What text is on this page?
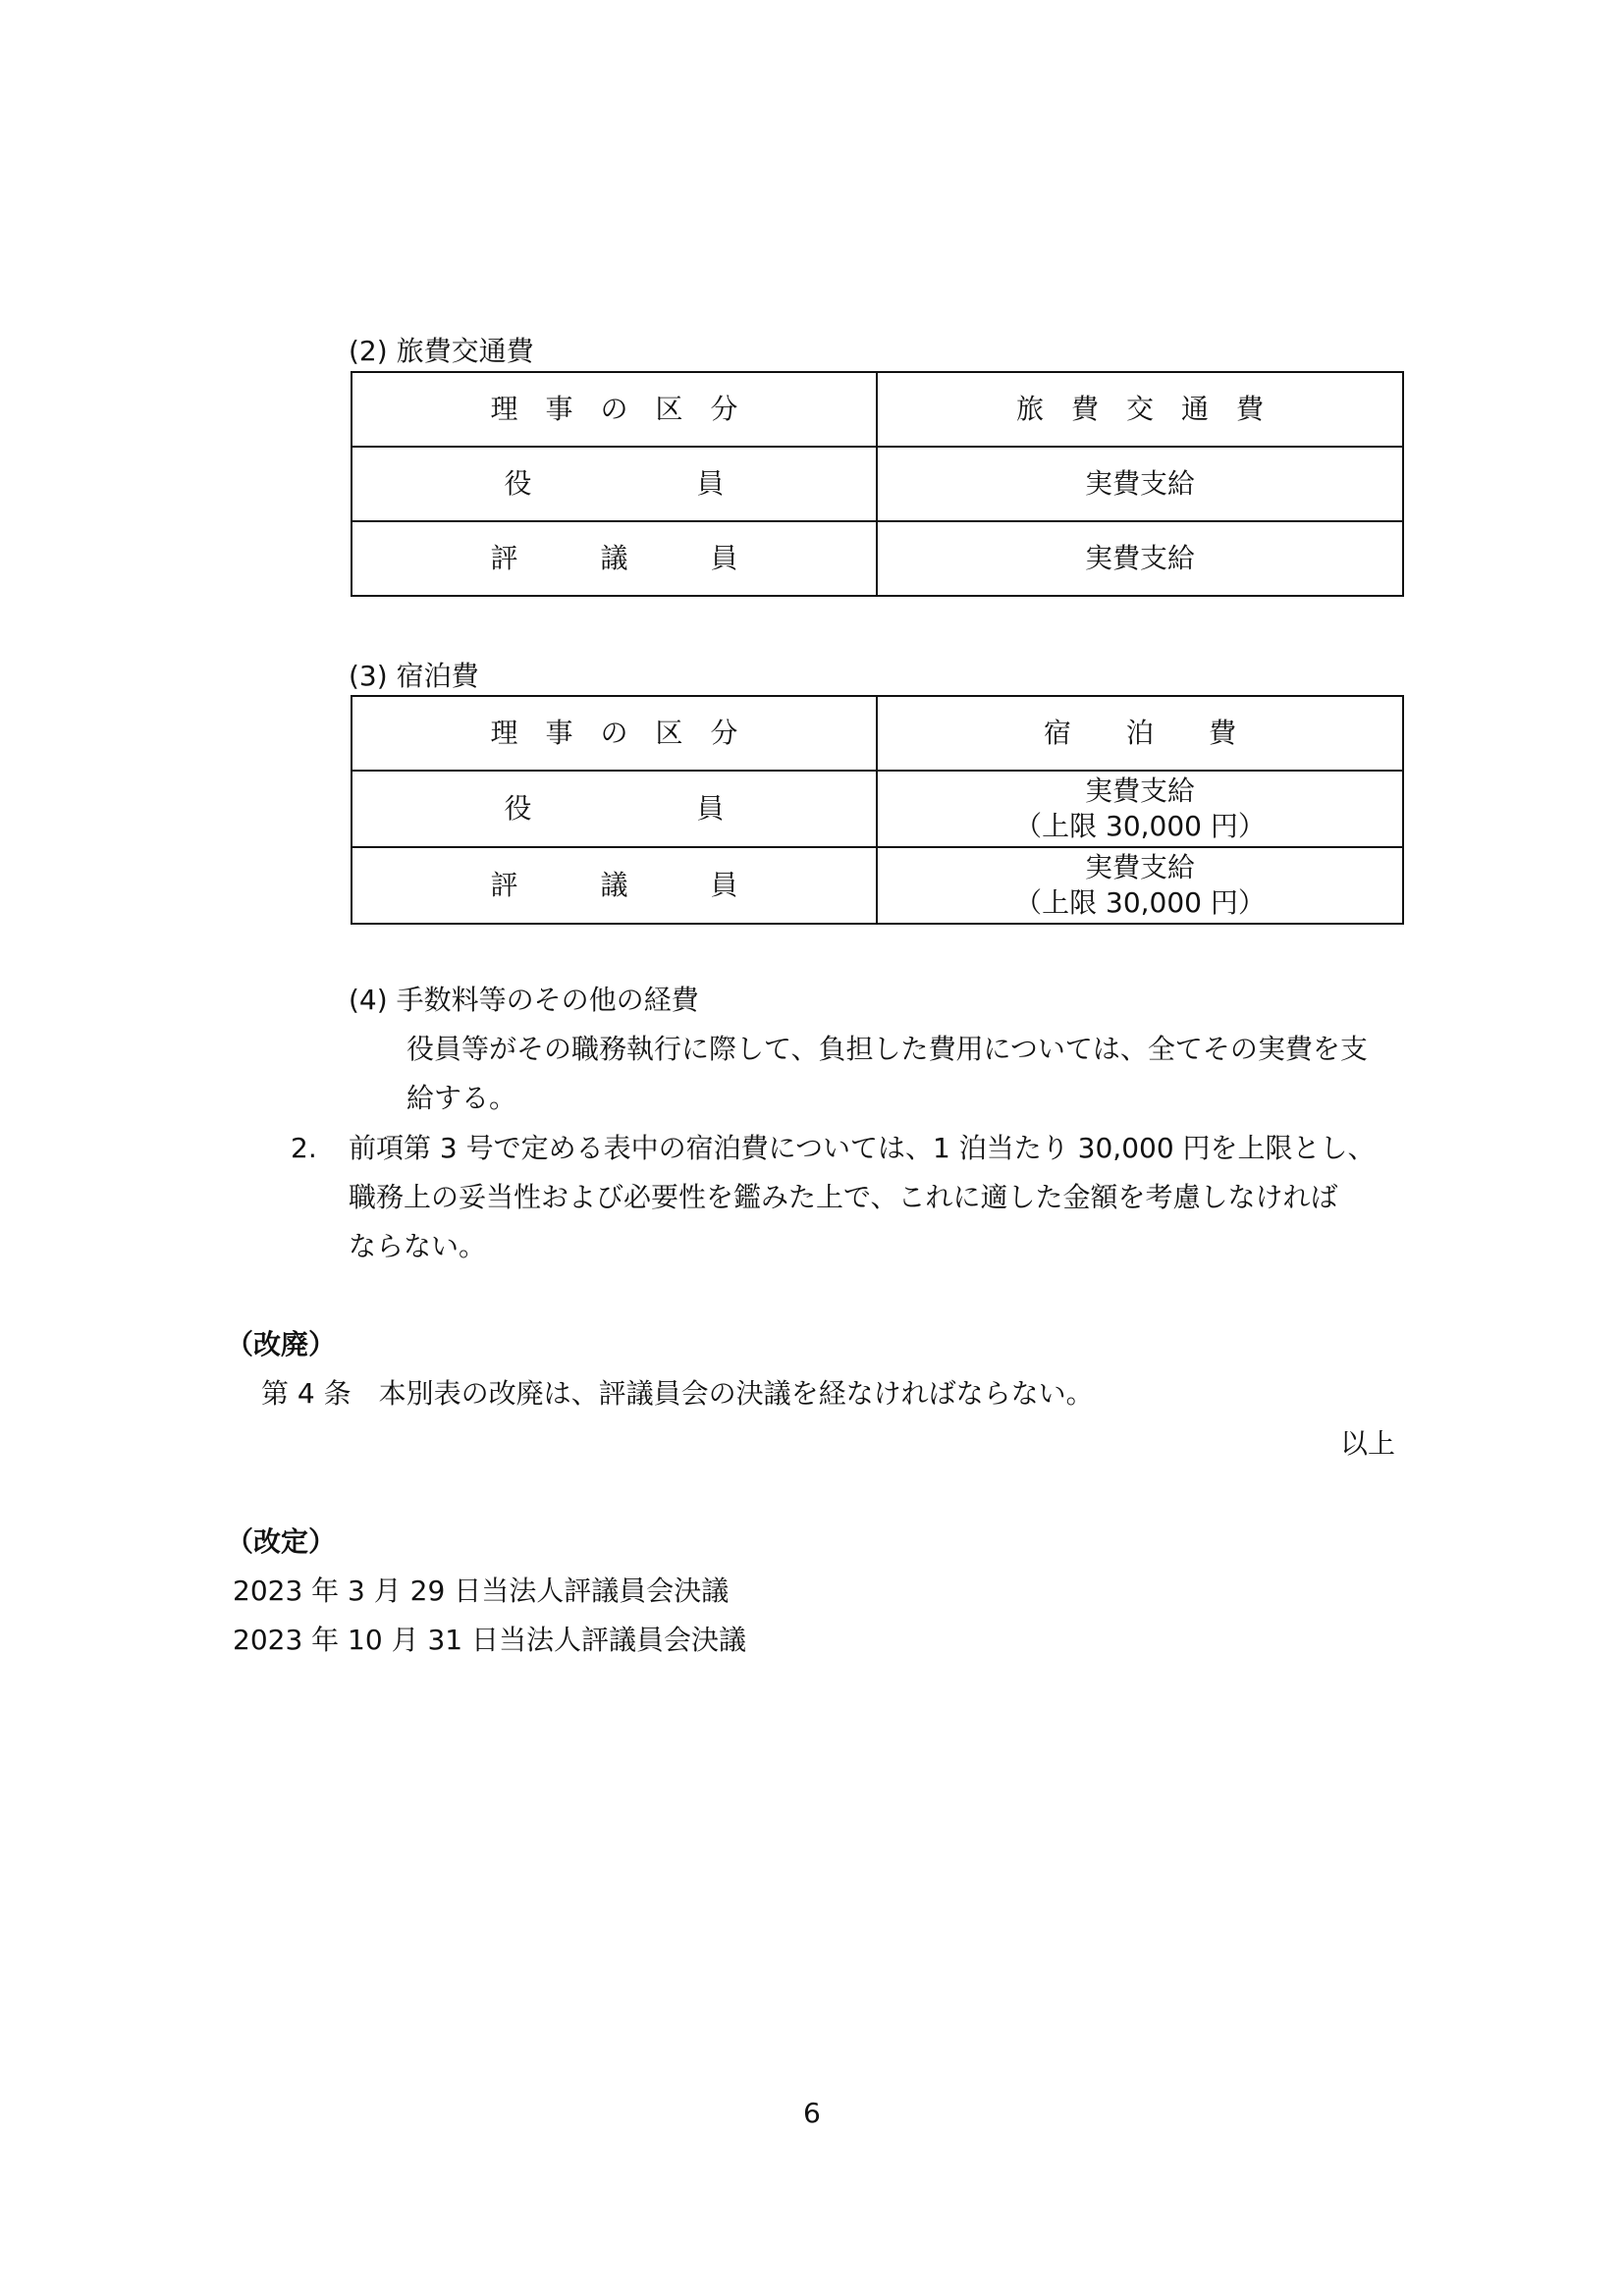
(2) 旅費交通費
理　事　の　区　分	旅　費　交　通　費
役　　　　　　員	実費支給
評　　　議　　　員	実費支給
(3) 宿泊費
理　事　の　区　分	宿　　泊　　費
役　　　　　　員	実費支給
（上限 30,000 円）

評　　　議　　　員	実費支給
（上限 30,000 円）
(4) 手数料等のその他の経費
役員等がその職務執行に際して、負担した費用については、全てその実費を支
給する。
2. 前項第 3 号で定める表中の宿泊費については、1 泊当たり 30,000 円を上限とし、
職務上の妥当性および必要性を鑑みた上で、これに適した金額を考慮しなければ
ならない。
（改廃）
第 4 条　本別表の改廃は、評議員会の決議を経なければならない。
以上
（改定）
2023 年 3 月 29 日当法人評議員会決議
2023 年 10 月 31 日当法人評議員会決議
6
